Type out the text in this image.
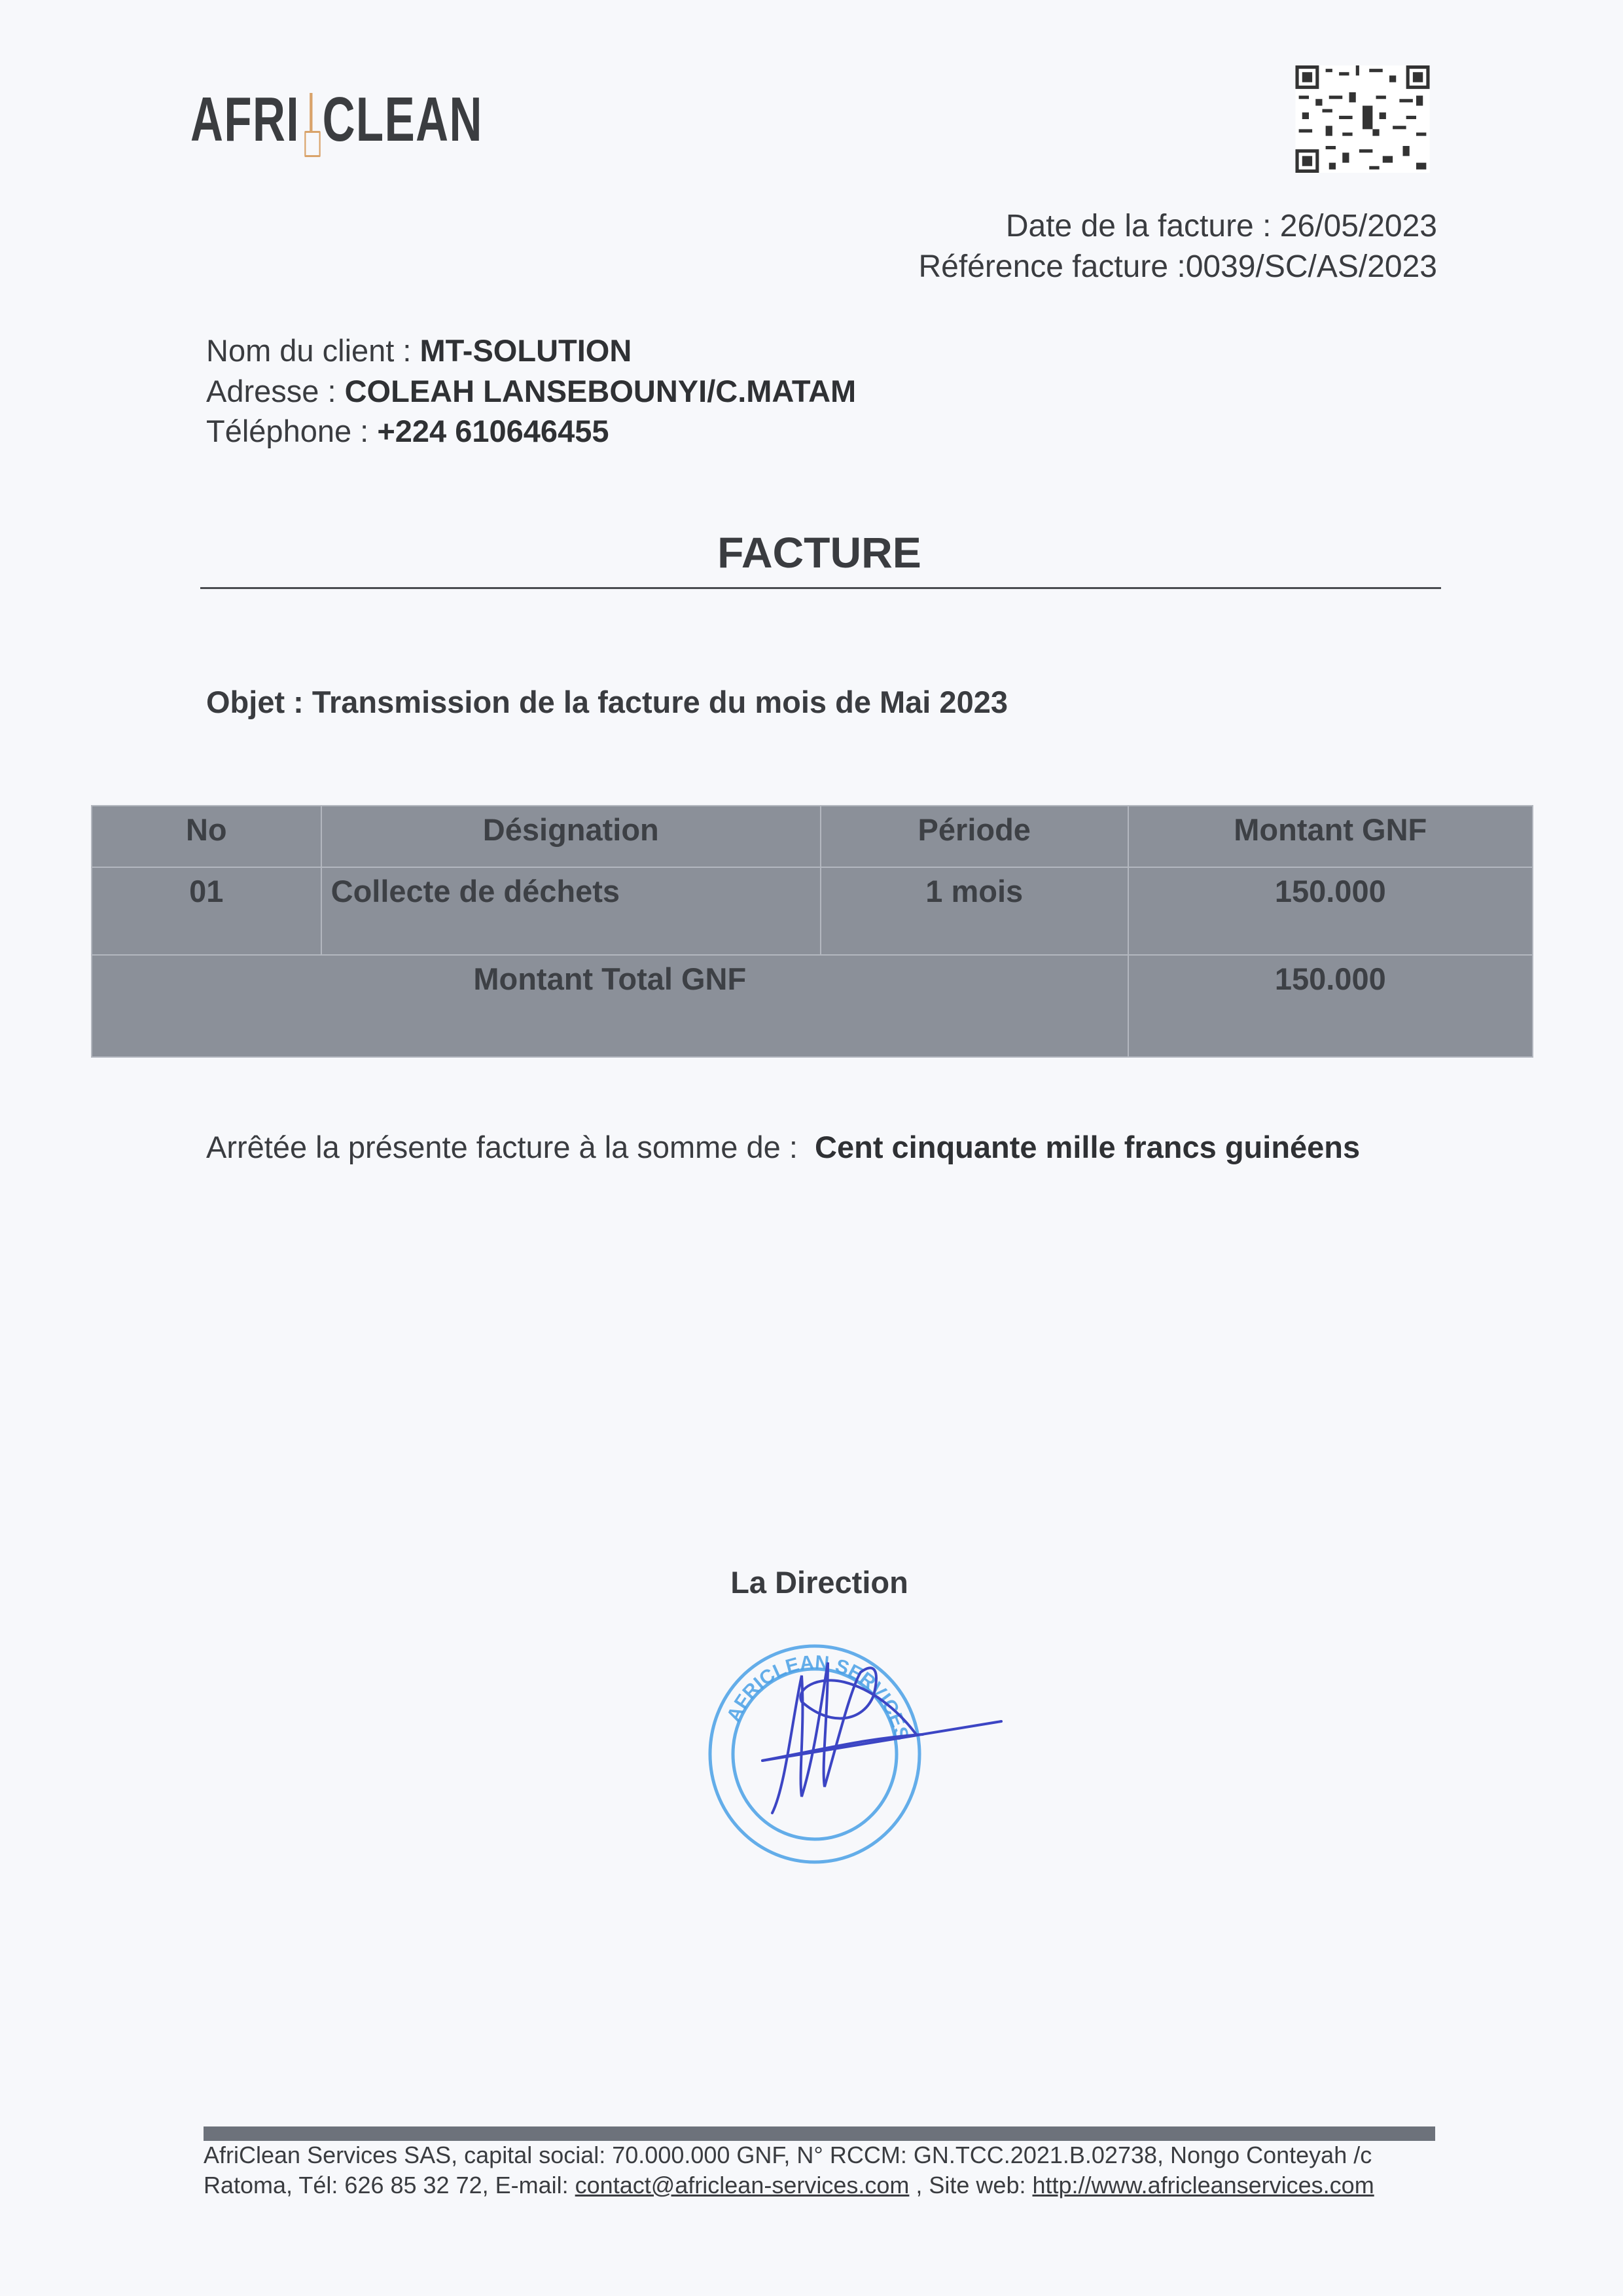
AFRI CLEAN
Date de la facture : 26/05/2023
Référence facture :0039/SC/AS/2023
Nom du client : MT-SOLUTION
Adresse : COLEAH LANSEBOUNYI/C.MATAM
Téléphone : +224 610646455
FACTURE
Objet : Transmission de la facture du mois de Mai 2023
No	Désignation	Période	Montant GNF
01	Collecte de déchets	1 mois	150.000
Montant Total GNF			150.000
Arrêtée la présente facture à la somme de : Cent cinquante mille francs guinéens
La Direction
AFRICLEAN SERVICES
AfriClean Services SAS, capital social: 70.000.000 GNF, N° RCCM: GN.TCC.2021.B.02738, Nongo Conteyah /c
Ratoma, Tél: 626 85 32 72, E-mail: contact@africlean-services.com , Site web: http://www.africleanservices.com
